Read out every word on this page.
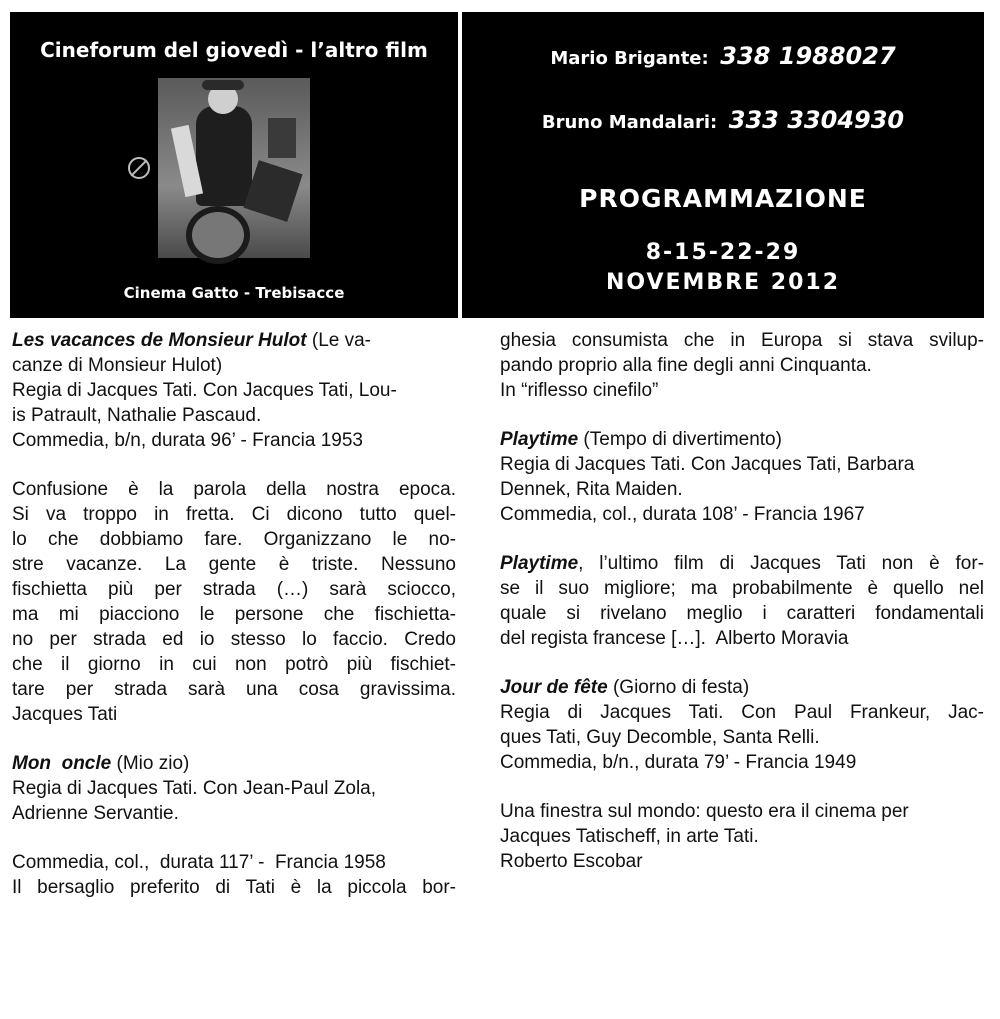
Cineforum del giovedì - l’altro film
Cinema Gatto - Trebisacce
Mario Brigante: 338 1988027
Bruno Mandalari: 333 3304930
PROGRAMMAZIONE
8-15-22-29
NOVEMBRE 2012

Les vacances de Monsieur Hulot (Le va-

canze di Monsieur Hulot)

Regia di Jacques Tati. Con Jacques Tati, Lou-

is Patrault, Nathalie Pascaud.

Commedia, b/n, durata 96’ - Francia 1953

Confusione è la parola della nostra epoca.

Si va troppo in fretta. Ci dicono tutto quel-

lo che dobbiamo fare. Organizzano le no-

stre vacanze. La gente è triste. Nessuno

fischietta più per strada (…) sarà sciocco,

ma mi piacciono le persone che fischietta-

no per strada ed io stesso lo faccio. Credo

che il giorno in cui non potrò più fischiet-

tare per strada sarà una cosa gravissima.

Jacques Tati

Mon  oncle (Mio zio)

Regia di Jacques Tati. Con Jean-Paul Zola,

Adrienne Servantie.

Commedia, col.,  durata 117’ -  Francia 1958

Il bersaglio preferito di Tati è la piccola bor-

ghesia consumista che in Europa si stava svilup-

pando proprio alla fine degli anni Cinquanta.

In “riflesso cinefilo”

Playtime (Tempo di divertimento)

Regia di Jacques Tati. Con Jacques Tati, Barbara

Dennek, Rita Maiden.

Commedia, col., durata 108’ - Francia 1967

Playtime, l’ultimo film di Jacques Tati non è for-

se il suo migliore; ma probabilmente è quello nel

quale si rivelano meglio i caratteri fondamentali

del regista francese […].  Alberto Moravia

Jour de fête (Giorno di festa)

Regia di Jacques Tati. Con Paul Frankeur, Jac-

ques Tati, Guy Decomble, Santa Relli.

Commedia, b/n., durata 79’ - Francia 1949

Una finestra sul mondo: questo era il cinema per

Jacques Tatischeff, in arte Tati.

Roberto Escobar
